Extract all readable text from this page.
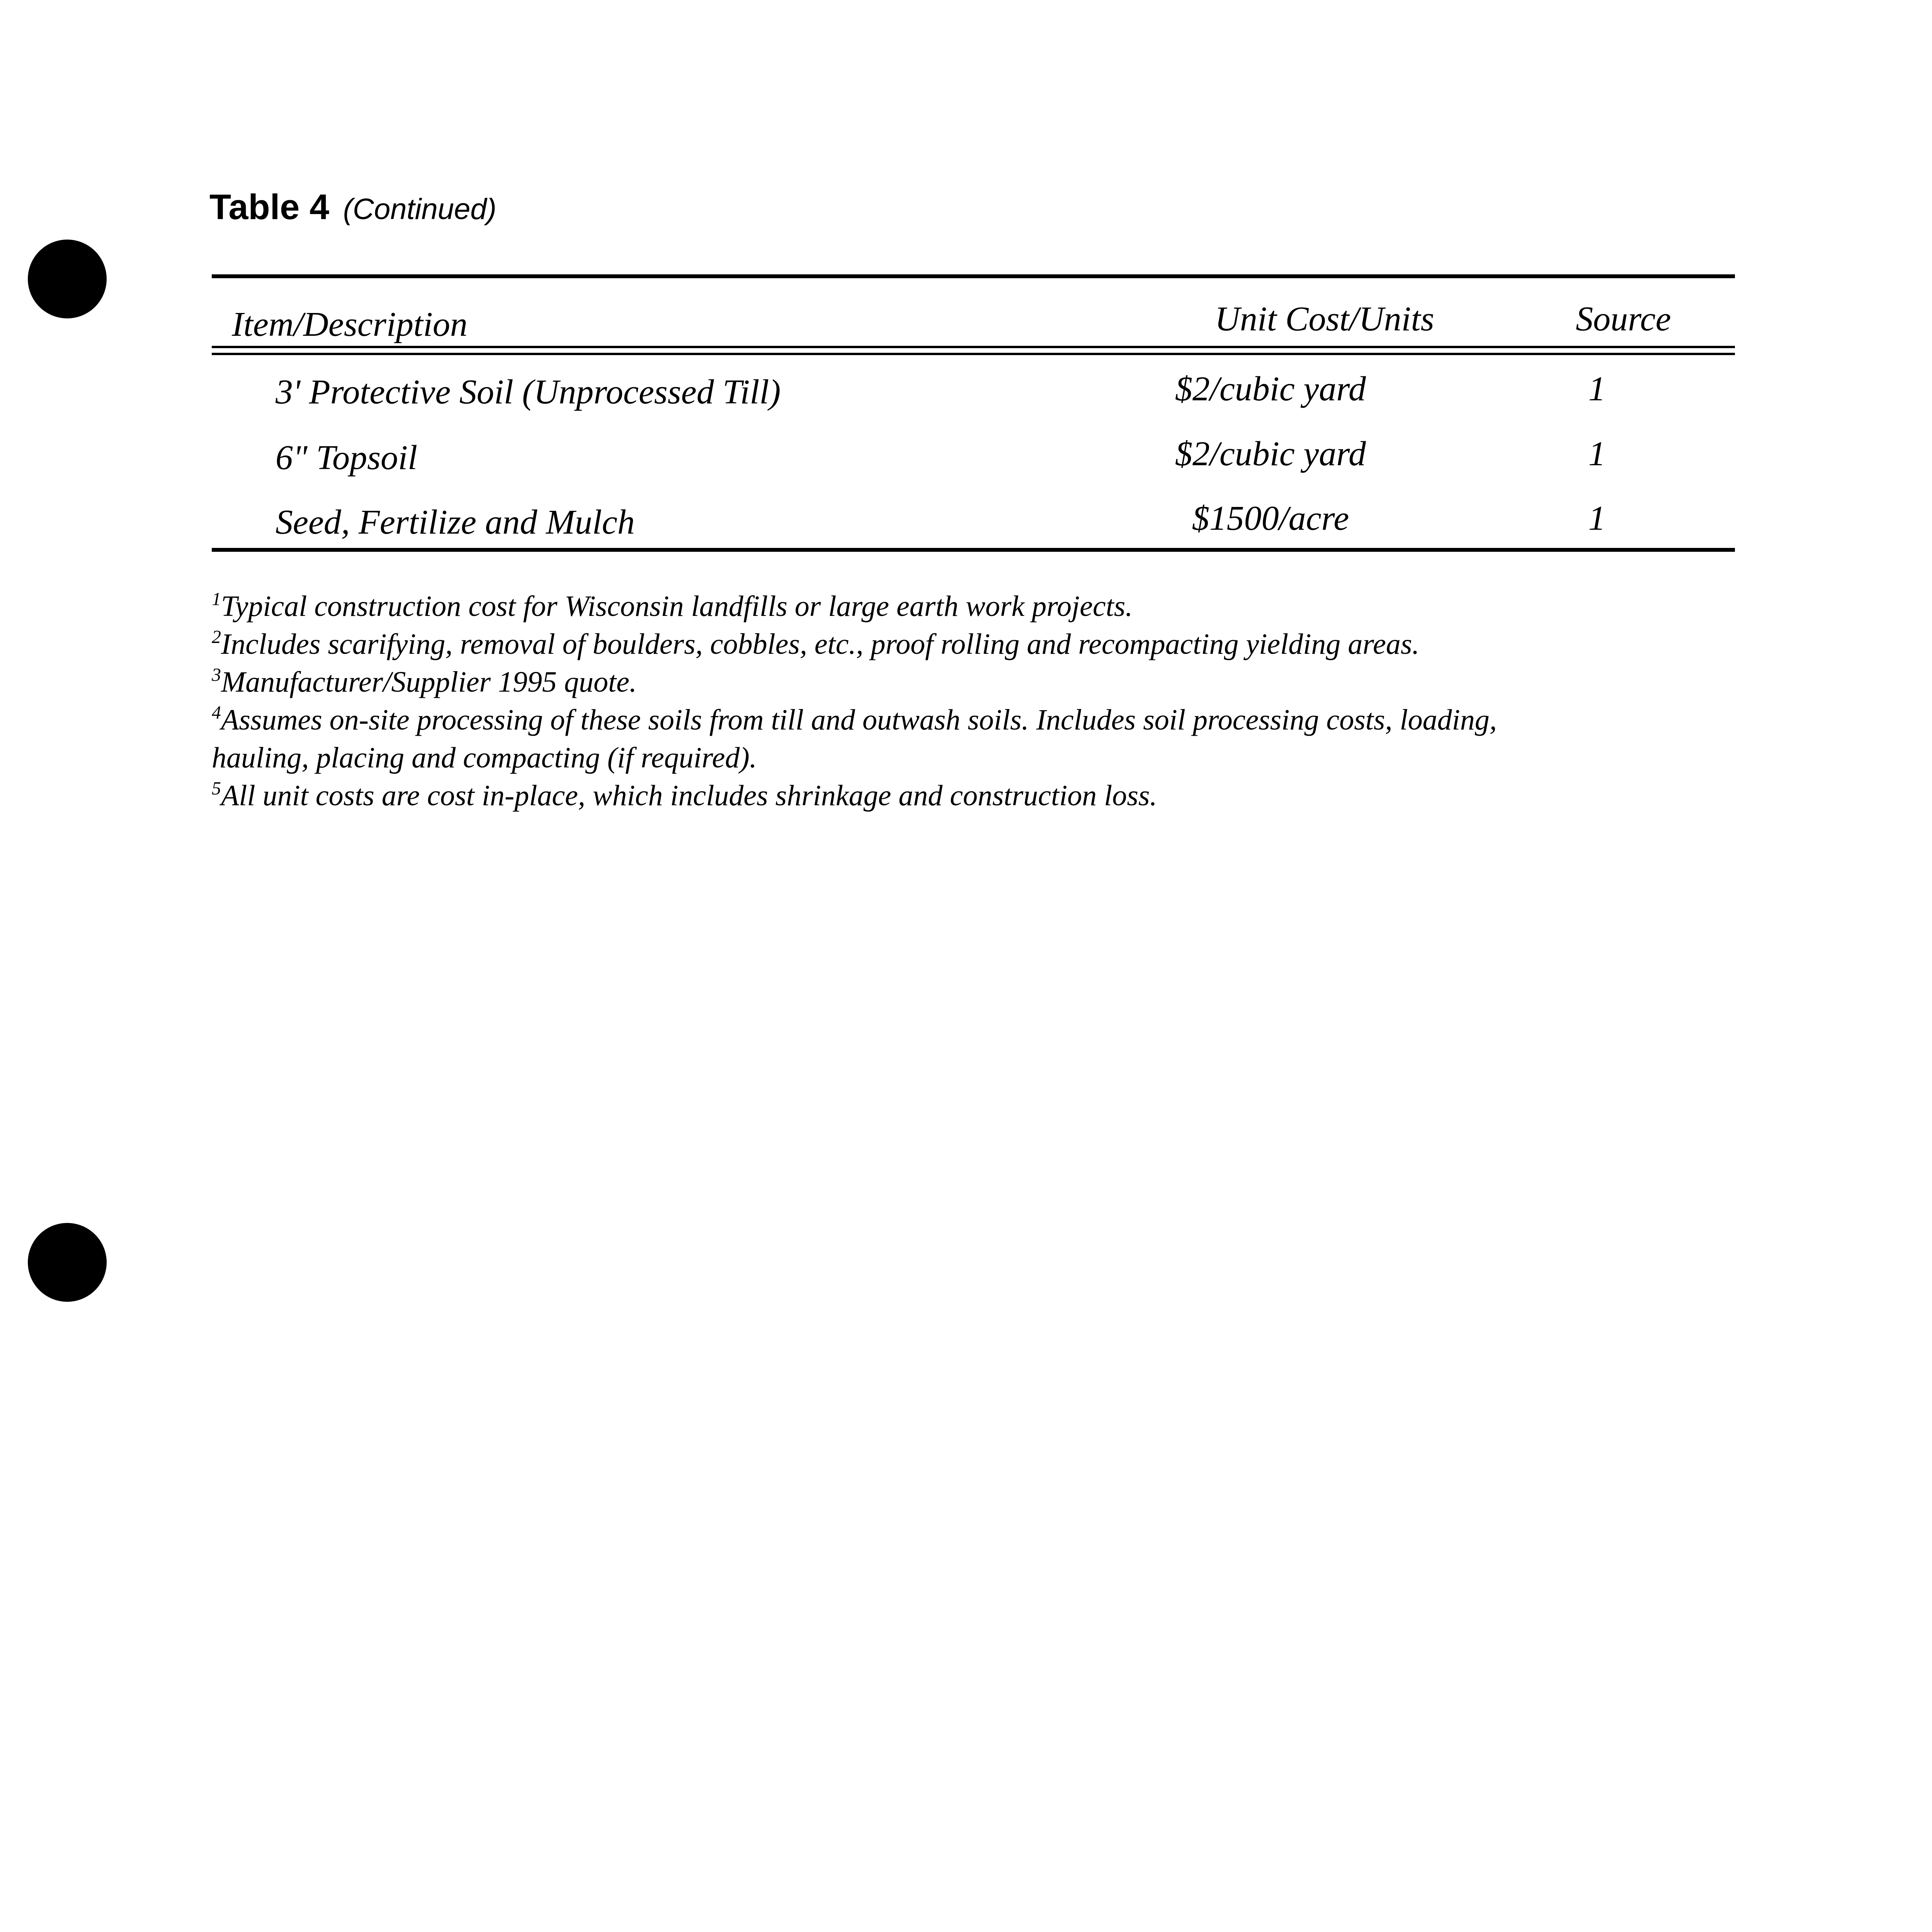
Table 4 (Continued)
Item/Description	Unit Cost/Units	Source
3' Protective Soil (Unprocessed Till)	$2/cubic yard	1
6" Topsoil	$2/cubic yard	1
Seed, Fertilize and Mulch	$1500/acre	1
$^1$Typical construction cost for Wisconsin landfills or large earth work projects.
$^2$Includes scarifying, removal of boulders, cobbles, etc., proof rolling and recompacting yielding areas.
$^3$Manufacturer/Supplier 1995 quote.
$^4$Assumes on-site processing of these soils from till and outwash soils. Includes soil processing costs, loading,
hauling, placing and compacting (if required).
$^5$All unit costs are cost in-place, which includes shrinkage and construction loss.
